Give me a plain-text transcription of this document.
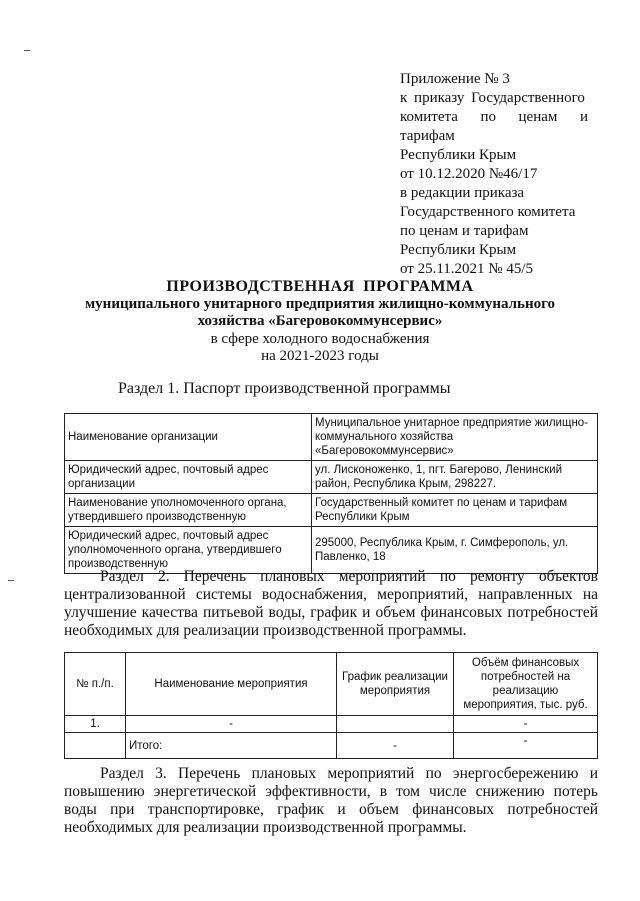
Приложение № 3
к приказу Государственного
комитета по ценам и
тарифам
Республики Крым
от 10.12.2020 №46/17
в редакции приказа
Государственного комитета
по ценам и тарифам
Республики Крым
от 25.11.2021 № 45/5
ПРОИЗВОДСТВЕННАЯ ПРОГРАММА
муниципального унитарного предприятия жилищно-коммунального
хозяйства «Багеровокоммунсервис»
в сфере холодного водоснабжения
на 2021-2023 годы
Раздел 1. Паспорт производственной программы
Наименование организации	Муниципальное унитарное предприятие жилищно-коммунального хозяйства «Багеровокоммунсервис»
Юридический адрес, почтовый адрес организации	ул. Лисконоженко, 1, пгт. Багерово, Ленинский район, Республика Крым, 298227.
Наименование уполномоченного органа, утвердившего производственную	Государственный комитет по ценам и тарифам Республики Крым
Юридический адрес, почтовый адрес уполномоченного органа, утвердившего производственную	295000, Республика Крым, г. Симферополь, ул. Павленко, 18
Раздел 2. Перечень плановых мероприятий по ремонту объектов централизованной системы водоснабжения, мероприятий, направленных на улучшение качества питьевой воды, график и объем финансовых потребностей необходимых для реализации производственной программы.
№ п./п.	Наименование мероприятия	График реализации мероприятия	Объём финансовых потребностей на реализацию мероприятия, тыс. руб.
1.	-		-
	Итого:	-	-
Раздел 3. Перечень плановых мероприятий по энергосбережению и повышению энергетической эффективности, в том числе снижению потерь воды при транспортировке, график и объем финансовых потребностей необходимых для реализации производственной программы.
